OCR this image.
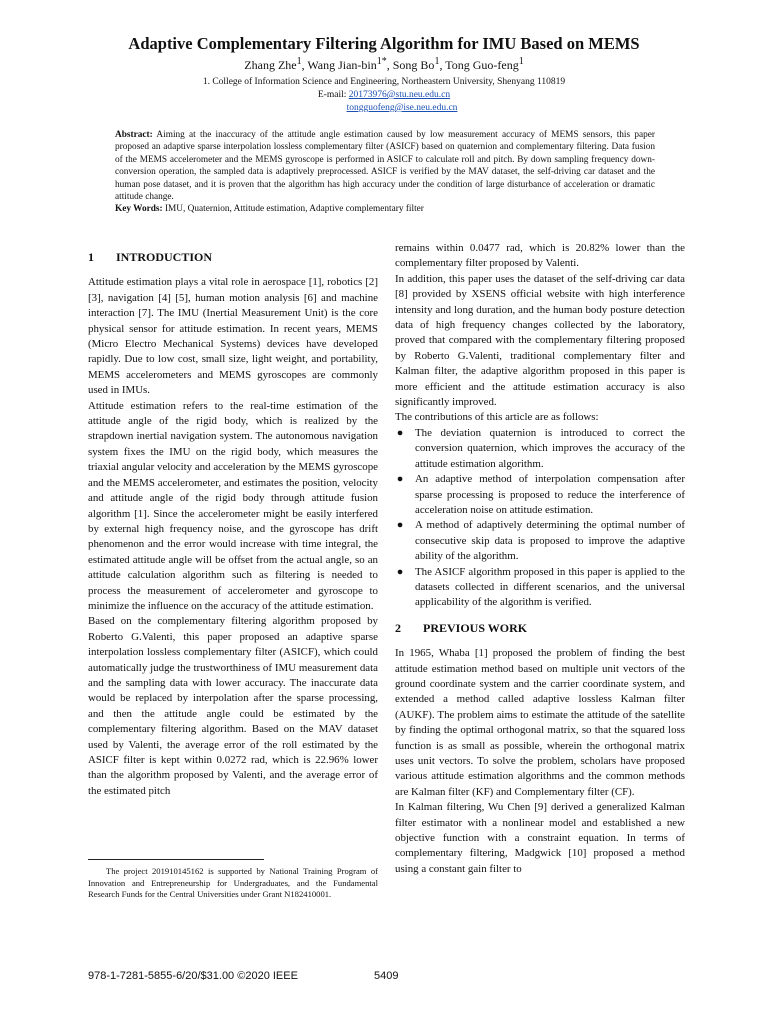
Adaptive Complementary Filtering Algorithm for IMU Based on MEMS
Zhang Zhe$^1$, Wang Jian-bin$^{1*}$, Song Bo$^1$, Tong Guo-feng$^1$
1. College of Information Science and Engineering, Northeastern University, Shenyang 110819
E-mail: 20173976@stu.neu.edu.cn
tongguofeng@ise.neu.edu.cn
Abstract: Aiming at the inaccuracy of the attitude angle estimation caused by low measurement accuracy of MEMS sensors, this paper proposed an adaptive sparse interpolation lossless complementary filter (ASICF) based on quaternion and complementary filtering. Data fusion of the MEMS accelerometer and the MEMS gyroscope is performed in ASICF to calculate roll and pitch. By down sampling frequency down-conversion operation, the sampled data is adaptively preprocessed. ASICF is verified by the MAV dataset, the self-driving car dataset and the human pose dataset, and it is proven that the algorithm has high accuracy under the condition of large disturbance of acceleration or dramatic attitude change.
Key Words: IMU, Quaternion, Attitude estimation, Adaptive complementary filter
1	INTRODUCTION

Attitude estimation plays a vital role in aerospace [1], robotics [2] [3], navigation [4] [5], human motion analysis [6] and machine interaction [7]. The IMU (Inertial Measurement Unit) is the core physical sensor for attitude estimation. In recent years, MEMS (Micro Electro Mechanical Systems) devices have developed rapidly. Due to low cost, small size, light weight, and portability, MEMS accelerometers and MEMS gyroscopes are commonly used in IMUs.

Attitude estimation refers to the real-time estimation of the attitude angle of the rigid body, which is realized by the strapdown inertial navigation system. The autonomous navigation system fixes the IMU on the rigid body, which measures the triaxial angular velocity and acceleration by the MEMS gyroscope and the MEMS accelerometer, and estimates the position, velocity and attitude angle of the rigid body through attitude fusion algorithm [1]. Since the accelerometer might be easily interfered by external high frequency noise, and the gyroscope has drift phenomenon and the error would increase with time integral, the estimated attitude angle will be offset from the actual angle, so an attitude calculation algorithm such as filtering is needed to process the measurement of accelerometer and gyroscope to minimize the influence on the accuracy of the attitude estimation.

Based on the complementary filtering algorithm proposed by Roberto G.Valenti, this paper proposed an adaptive sparse interpolation lossless complementary filter (ASICF), which could automatically judge the trustworthiness of IMU measurement data and the sampling data with lower accuracy. The inaccurate data would be replaced by interpolation after the sparse processing, and then the attitude angle could be estimated by the complementary filtering algorithm. Based on the MAV dataset used by Valenti, the average error of the roll estimated by the ASICF filter is kept within 0.0272 rad, which is 22.96% lower than the algorithm proposed by Valenti, and the average error of the estimated pitch

The project 201910145162 is supported by National Training Program of Innovation and Entrepreneurship for Undergraduates, and the Fundamental Research Funds for the Central Universities under Grant N182410001.

remains within 0.0477 rad, which is 20.82% lower than the complementary filter proposed by Valenti.

In addition, this paper uses the dataset of the self-driving car data [8] provided by XSENS official website with high interference intensity and long duration, and the human body posture detection data of high frequency changes collected by the laboratory, proved that compared with the complementary filtering proposed by Roberto G.Valenti, traditional complementary filter and Kalman filter, the adaptive algorithm proposed in this paper is more efficient and the attitude estimation accuracy is also significantly improved.

The contributions of this article are as follows:

● The deviation quaternion is introduced to correct the conversion quaternion, which improves the accuracy of the attitude estimation algorithm.
● An adaptive method of interpolation compensation after sparse processing is proposed to reduce the interference of acceleration noise on attitude estimation.
● A method of adaptively determining the optimal number of consecutive skip data is proposed to improve the adaptive ability of the algorithm.
● The ASICF algorithm proposed in this paper is applied to the datasets collected in different scenarios, and the universal applicability of the algorithm is verified.
2	PREVIOUS WORK

In 1965, Whaba [1] proposed the problem of finding the best attitude estimation method based on multiple unit vectors of the ground coordinate system and the carrier coordinate system, and extended a method called adaptive lossless Kalman filter (AUKF). The problem aims to estimate the attitude of the satellite by finding the optimal orthogonal matrix, so that the squared loss function is as small as possible, wherein the orthogonal matrix uses unit vectors. To solve the problem, scholars have proposed various attitude estimation algorithms and the common methods are Kalman filter (KF) and Complementary filter (CF).

In Kalman filtering, Wu Chen [9] derived a generalized Kalman filter estimator with a nonlinear model and established a new objective function with a constraint equation. In terms of complementary filtering, Madgwick [10] proposed a method using a constant gain filter to

978-1-7281-5855-6/20/$31.00 ©2020 IEEE	5409
